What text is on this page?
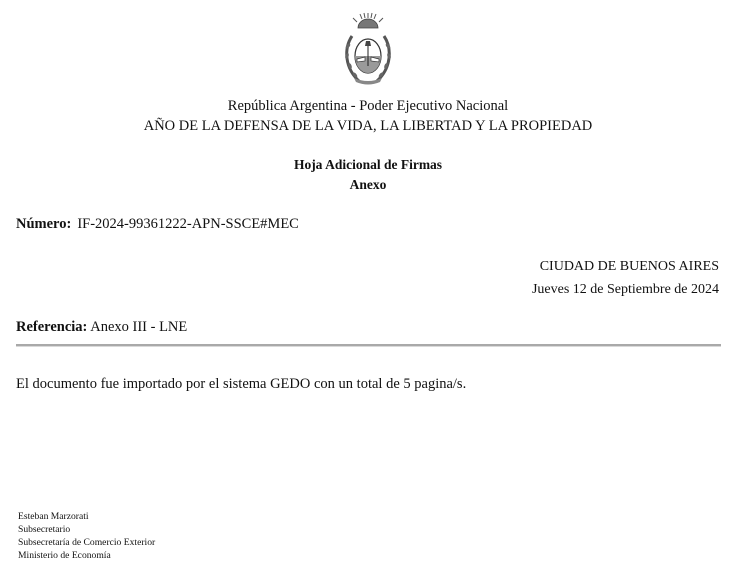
República Argentina - Poder Ejecutivo Nacional
AÑO DE LA DEFENSA DE LA VIDA, LA LIBERTAD Y LA PROPIEDAD
Hoja Adicional de Firmas
Anexo
Número: IF-2024-99361222-APN-SSCE#MEC
CIUDAD DE BUENOS AIRES
Jueves 12 de Septiembre de 2024
Referencia: Anexo III - LNE
El documento fue importado por el sistema GEDO con un total de 5 pagina/s.
Esteban Marzorati
Subsecretario
Subsecretaría de Comercio Exterior
Ministerio de Economía
